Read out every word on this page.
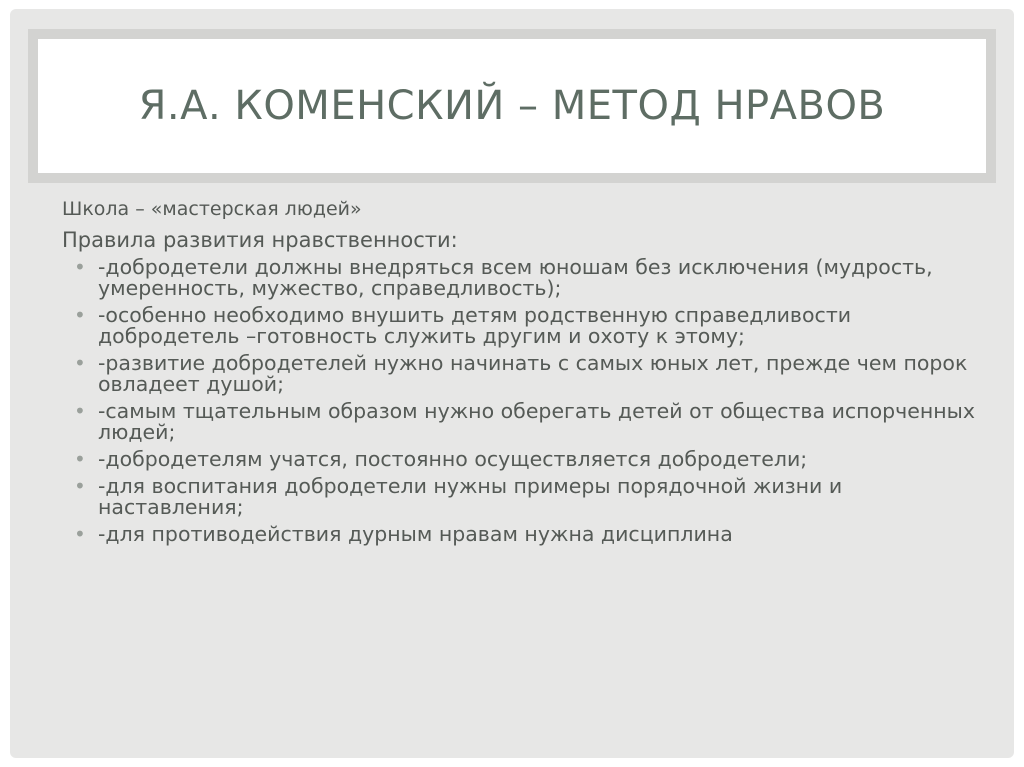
Я.А. КОМЕНСКИЙ – МЕТОД НРАВОВ

Школа – «мастерская людей»

Правила развития нравственности:

• -добродетели должны внедряться всем юношам без исключения (мудрость, умеренность, мужество, справедливость);
• -особенно необходимо внушить детям родственную справедливости добродетель –готовность служить другим и охоту к этому;
• -развитие добродетелей нужно начинать с самых юных лет, прежде чем порок овладеет душой;
• -самым тщательным образом нужно оберегать детей от общества испорченных людей;
• -добродетелям учатся, постоянно осуществляется добродетели;
• -для воспитания добродетели нужны примеры порядочной жизни и наставления;
• -для противодействия дурным нравам нужна дисциплина
